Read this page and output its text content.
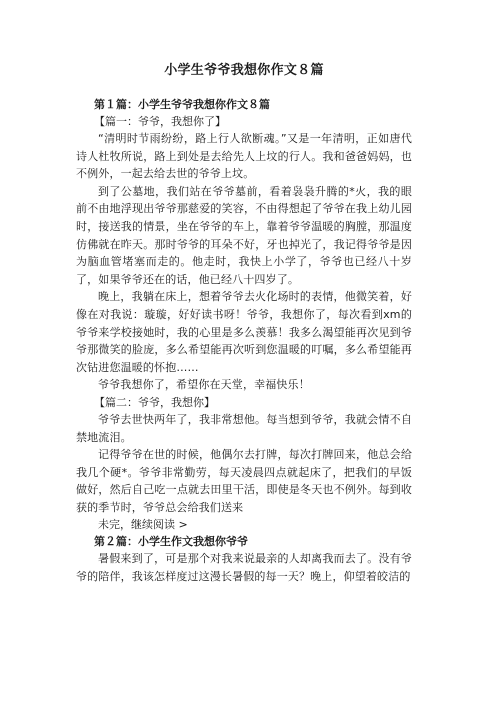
小学生爷爷我想你作文８篇

第１篇：小学生爷爷我想你作文８篇

【篇一：爷爷，我想你了】

“清明时节雨纷纷，路上行人欲断魂。”又是一年清明，正如唐代诗人杜牧所说，路上到处是去给先人上坟的行人。我和爸爸妈妈，也不例外，一起去给去世的爷爷上坟。

到了公墓地，我们站在爷爷墓前，看着袅袅升腾的*火，我的眼前不由地浮现出爷爷那慈爱的笑容，不由得想起了爷爷在我上幼儿园时，接送我的情景，坐在爷爷的车上，靠着爷爷温暖的胸膛，那温度仿佛就在昨天。那时爷爷的耳朵不好，牙也掉光了，我记得爷爷是因为脑血管堵塞而走的。他走时，我快上小学了，爷爷也已经八十岁了，如果爷爷还在的话，他已经八十四岁了。

晚上，我躺在床上，想着爷爷去火化场时的表情，他微笑着，好像在对我说：璇璇，好好读书呀！爷爷，我想你了，每次看到xm的爷爷来学校接她时，我的心里是多么羡慕！我多么渴望能再次见到爷爷那微笑的脸庞，多么希望能再次听到您温暖的叮嘱，多么希望能再次钻进您温暖的怀抱……

爷爷我想你了，希望你在天堂，幸福快乐！

【篇二：爷爷，我想你】

爷爷去世快两年了，我非常想他。每当想到爷爷，我就会情不自禁地流泪。

记得爷爷在世的时候，他偶尔去打牌，每次打牌回来，他总会给我几个硬*。爷爷非常勤劳，每天凌晨四点就起床了，把我们的早饭做好，然后自己吃一点就去田里干活，即使是冬天也不例外。每到收获的季节时，爷爷总会给我们送来

未完，继续阅读 >

第２篇：小学生作文我想你爷爷

暑假来到了，可是那个对我来说最亲的人却离我而去了。没有爷爷的陪伴，我该怎样度过这漫长暑假的每一天？晚上，仰望着皎洁的
